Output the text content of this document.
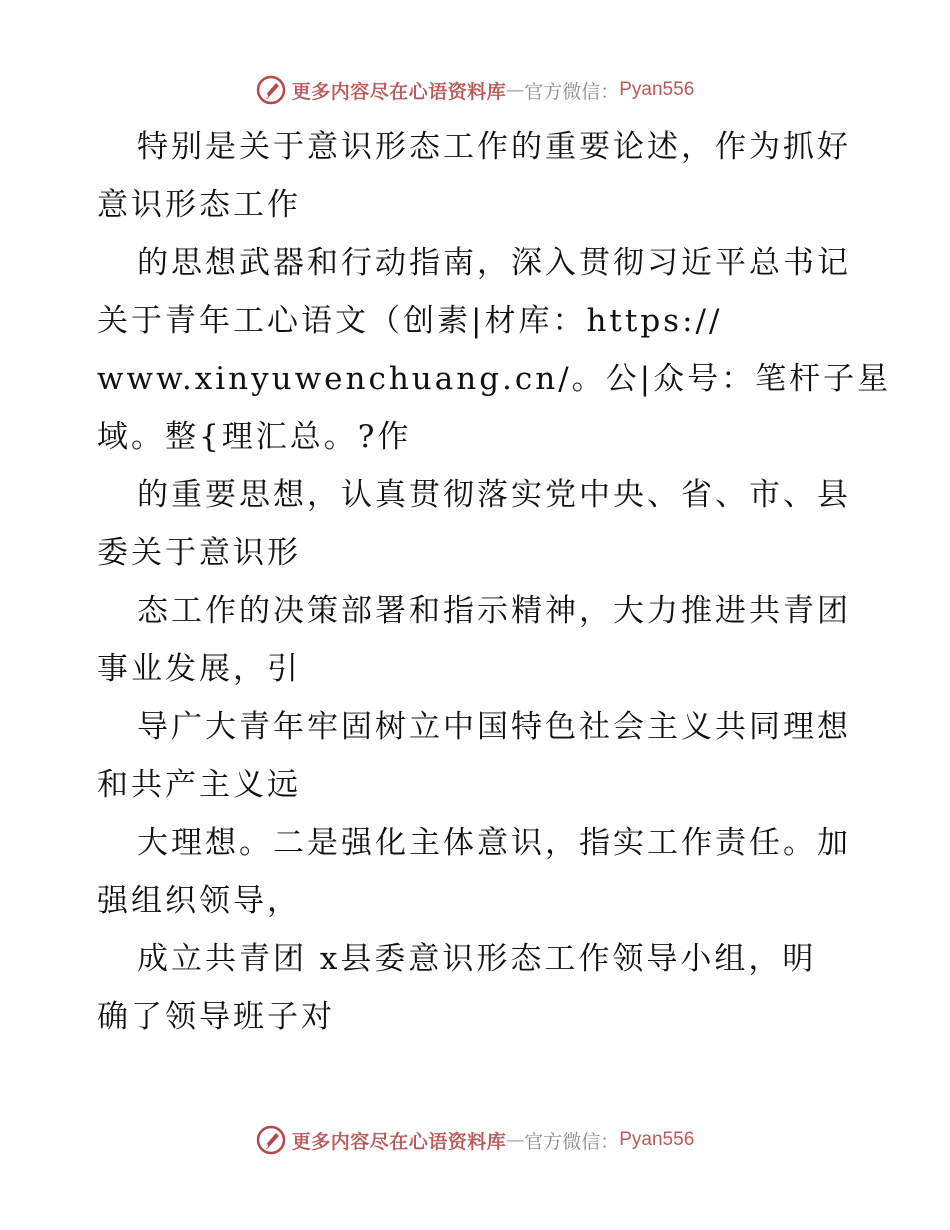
更多内容尽在心语资料库 — 官方微信： Pyan556
特别是关于意识形态工作的重要论述，作为抓好
意识形态工作
的思想武器和行动指南，深入贯彻习近平总书记
关于青年工心语文（创素|材库：https://
www.xinyuwenchuang.cn/。公|众号：笔杆子星
域。整{理汇总。?作
的重要思想，认真贯彻落实党中央、省、市、县
委关于意识形
态工作的决策部署和指示精神，大力推进共青团
事业发展，引
导广大青年牢固树立中国特色社会主义共同理想
和共产主义远
大理想。二是强化主体意识，指实工作责任。加
强组织领导，
成立共青团 x县委意识形态工作领导小组，明
确了领导班子对
更多内容尽在心语资料库 — 官方微信： Pyan556
